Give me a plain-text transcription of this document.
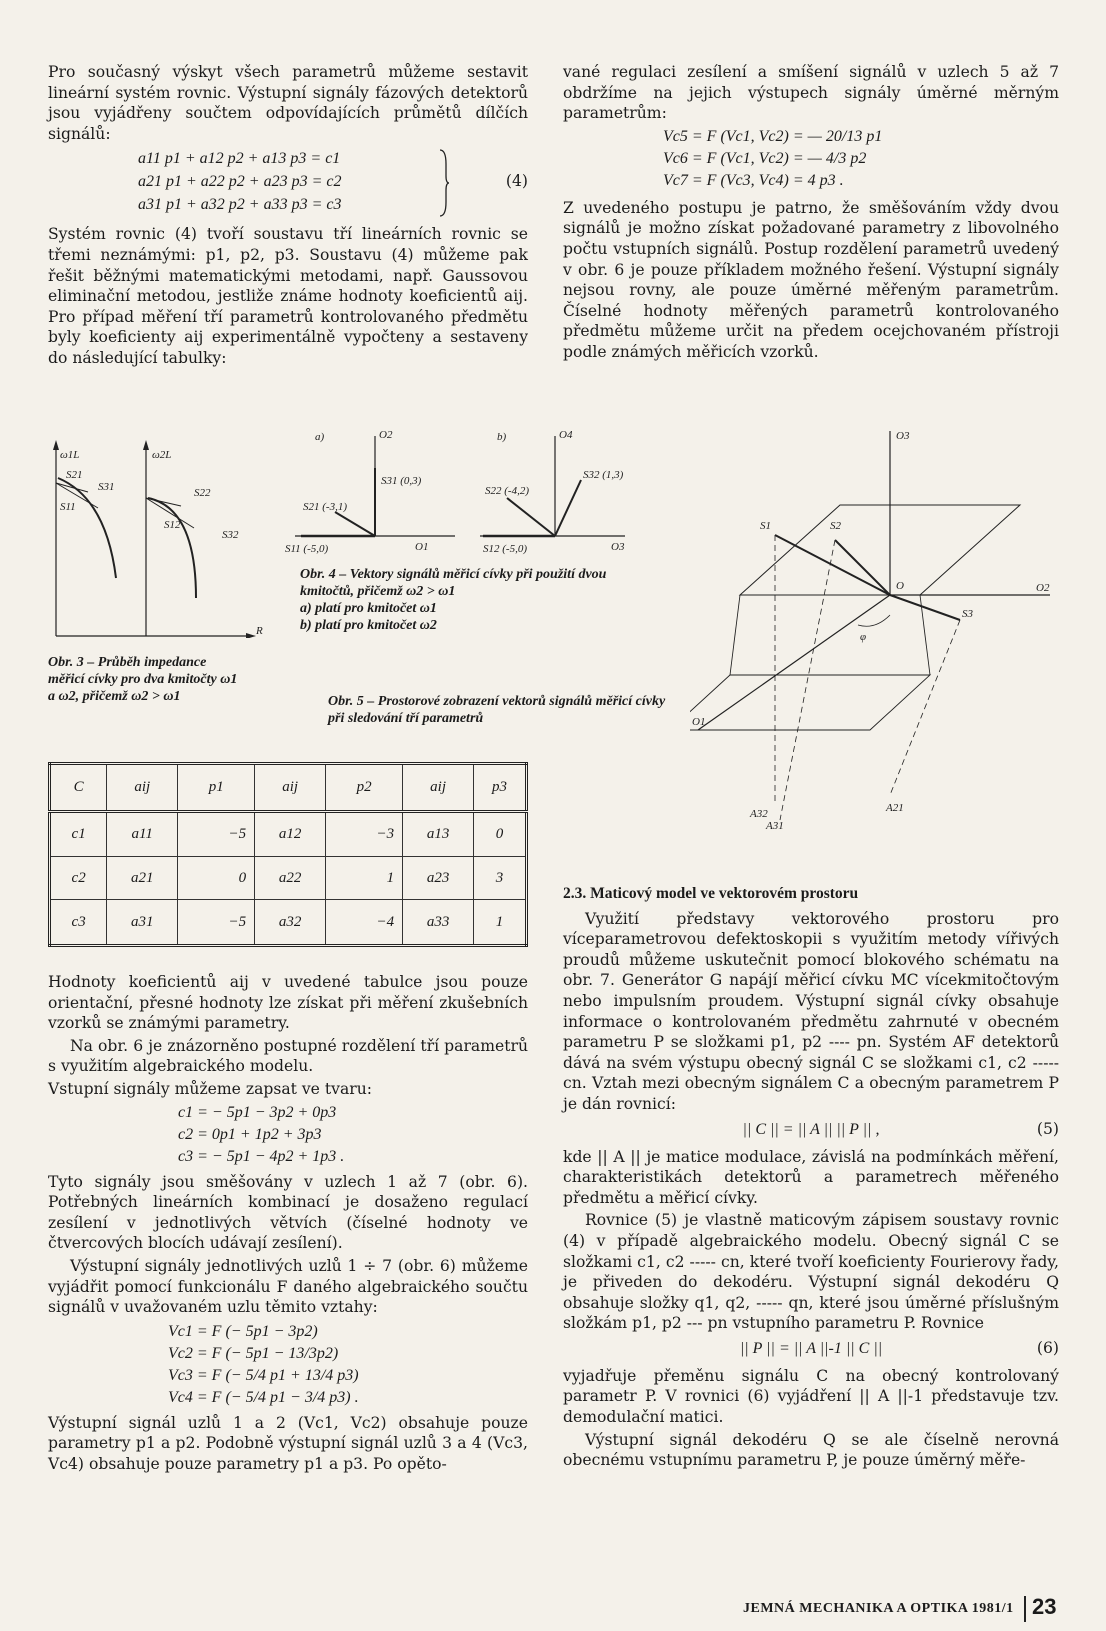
Pro současný výskyt všech parametrů můžeme sestavit lineární systém rovnic. Výstupní signály fázových detektorů jsou vyjádřeny součtem odpovídajících průmětů dílčích signálů:

a11 p1 + a12 p2 + a13 p3 = c1
a21 p1 + a22 p2 + a23 p3 = c2
a31 p1 + a32 p2 + a33 p3 = c3
(4)

Systém rovnic (4) tvoří soustavu tří lineárních rovnic se třemi neznámými: p1, p2, p3. Soustavu (4) můžeme pak řešit běžnými matematickými metodami, např. Gaussovou eliminační metodou, jestliže známe hodnoty koeficientů aij. Pro případ měření tří parametrů kontrolovaného předmětu byly koeficienty aij experimentálně vypočteny a sestaveny do následující tabulky:

ω1L	ω2L
S21
S31
S11
S22
S12
S32
R
Obr. 3 – Průběh impedance měřicí cívky pro dva kmitočty ω1 a ω2, přičemž ω2 > ω1
a)	O2
O1
S31 (0,3)
S21 (-3,1)
S11 (-5,0)
b)	O4
O3
S22 (-4,2)
S32 (1,3)
S12 (-5,0)
Obr. 4 – Vektory signálů měřicí cívky při použití dvou kmitočtů, přičemž ω2 > ω1
a) platí pro kmitočet ω1
b) platí pro kmitočet ω2
Obr. 5 – Prostorové zobrazení vektorů signálů měřicí cívky při sledování tří parametrů
C	aij	p1	aij	p2	aij	p3
c1	a11	−5	a12	−3	a13	0
c2	a21	0	a22	1	a23	3
c3	a31	−5	a32	−4	a33	1

Hodnoty koeficientů aij v uvedené tabulce jsou pouze orientační, přesné hodnoty lze získat při měření zkušebních vzorků se známými parametry.

Na obr. 6 je znázorněno postupné rozdělení tří parametrů s využitím algebraického modelu.

Vstupní signály můžeme zapsat ve tvaru:

c1 = − 5p1 − 3p2 + 0p3
c2 = 0p1 + 1p2 + 3p3
c3 = − 5p1 − 4p2 + 1p3 .

Tyto signály jsou směšovány v uzlech 1 až 7 (obr. 6). Potřebných lineárních kombinací je dosaženo regulací zesílení v jednotlivých větvích (číselné hodnoty ve čtvercových blocích udávají zesílení).

Výstupní signály jednotlivých uzlů 1 ÷ 7 (obr. 6) můžeme vyjádřit pomocí funkcionálu F daného algebraického součtu signálů v uvažovaném uzlu těmito vztahy:

Vc1 = F (− 5p1 − 3p2)
Vc2 = F (− 5p1 − 13/3p2)
Vc3 = F (− 5/4 p1 + 13/4 p3)
Vc4 = F (− 5/4 p1 − 3/4 p3) .

Výstupní signál uzlů 1 a 2 (Vc1, Vc2) obsahuje pouze parametry p1 a p2. Podobně výstupní signál uzlů 3 a 4 (Vc3, Vc4) obsahuje pouze parametry p1 a p3. Po opěto-

vané regulaci zesílení a smíšení signálů v uzlech 5 až 7 obdržíme na jejich výstupech signály úměrné měrným parametrům:

Vc5 = F (Vc1, Vc2) = — 20/13 p1
Vc6 = F (Vc1, Vc2) = — 4/3 p2
Vc7 = F (Vc3, Vc4) = 4 p3 .

Z uvedeného postupu je patrno, že směšováním vždy dvou signálů je možno získat požadované parametry z libovolného počtu vstupních signálů. Postup rozdělení parametrů uvedený v obr. 6 je pouze příkladem možného řešení. Výstupní signály nejsou rovny, ale pouze úměrné měřeným parametrům. Číselné hodnoty měřených parametrů kontrolovaného předmětu můžeme určit na předem ocejchovaném přístroji podle známých měřicích vzorků.

O3
O2
O1
O
S1	S2
S3
φ
A21
A31
A32
2.3. Maticový model ve vektorovém prostoru

Využití představy vektorového prostoru pro víceparametrovou defektoskopii s využitím metody vířivých proudů můžeme uskutečnit pomocí blokového schématu na obr. 7. Generátor G napájí měřicí cívku MC vícekmitočtovým nebo impulsním proudem. Výstupní signál cívky obsahuje informace o kontrolovaném předmětu zahrnuté v obecném parametru P se složkami p1, p2 ---- pn. Systém AF detektorů dává na svém výstupu obecný signál C se složkami c1, c2 ----- cn. Vztah mezi obecným signálem C a obecným parametrem P je dán rovnicí:

|| C || = || A || || P || ,	(5)

kde || A || je matice modulace, závislá na podmínkách měření, charakteristikách detektorů a parametrech měřeného předmětu a měřicí cívky.

Rovnice (5) je vlastně maticovým zápisem soustavy rovnic (4) v případě algebraického modelu. Obecný signál C se složkami c1, c2 ----- cn, které tvoří koeficienty Fourierovy řady, je přiveden do dekodéru. Výstupní signál dekodéru Q obsahuje složky q1, q2, ----- qn, které jsou úměrné příslušným složkám p1, p2 --- pn vstupního parametru P. Rovnice

|| P || = || A ||-1 || C ||	(6)

vyjadřuje přeměnu signálu C na obecný kontrolovaný parametr P. V rovnici (6) vyjádření || A ||-1 představuje tzv. demodulační matici.

Výstupní signál dekodéru Q se ale číselně nerovná obecnému vstupnímu parametru P, je pouze úměrný měře-

JEMNÁ MECHANIKA A OPTIKA 1981/1 23
